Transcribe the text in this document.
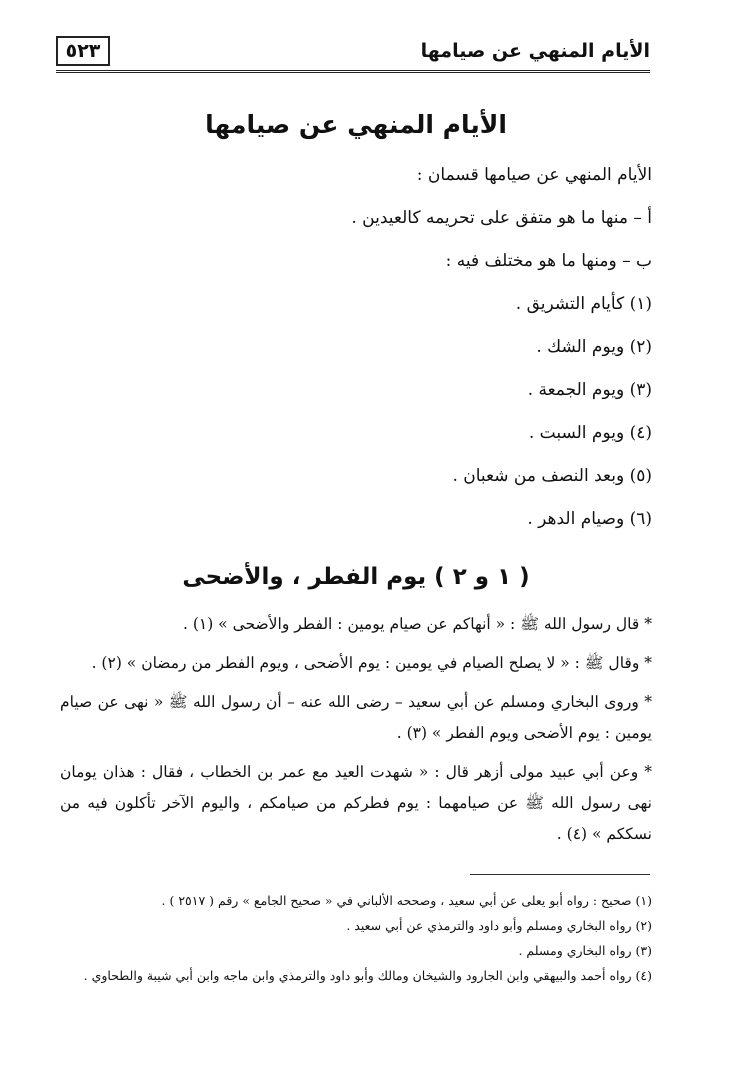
٥٢٣	الأيام المنهي عن صيامها
الأيام المنهي عن صيامها
الأيام المنهي عن صيامها قسمان :
أ – منها ما هو متفق على تحريمه كالعيدين .
ب – ومنها ما هو مختلف فيه :
(١) كأيام التشريق .
(٢) ويوم الشك .
(٣) ويوم الجمعة .
(٤) ويوم السبت .
(٥) وبعد النصف من شعبان .
(٦) وصيام الدهر .
( ١ و ٢ ) يوم الفطر ، والأضحى
* قال رسول الله ﷺ : « أنهاكم عن صيام يومين : الفطر والأضحى » (١) .
* وقال ﷺ : « لا يصلح الصيام في يومين : يوم الأضحى ، ويوم الفطر من رمضان » (٢) .
* وروى البخاري ومسلم عن أبي سعيد – رضى الله عنه – أن رسول الله ﷺ « نهى عن صيام يومين : يوم الأضحى ويوم الفطر » (٣) .
* وعن أبي عبيد مولى أزهر قال : « شهدت العيد مع عمر بن الخطاب ، فقال : هذان يومان نهى رسول الله ﷺ عن صيامهما : يوم فطركم من صيامكم ، واليوم الآخر تأكلون فيه من نسككم » (٤) .
(١) صحيح : رواه أبو يعلى عن أبي سعيد ، وصححه الألباني في « صحيح الجامع » رقم ( ٢٥١٧ ) .
(٢) رواه البخاري ومسلم وأبو داود والترمذي عن أبي سعيد .
(٣) رواه البخاري ومسلم .
(٤) رواه أحمد والبيهقي وابن الجارود والشيخان ومالك وأبو داود والترمذي وابن ماجه وابن أبي شيبة والطحاوي .
